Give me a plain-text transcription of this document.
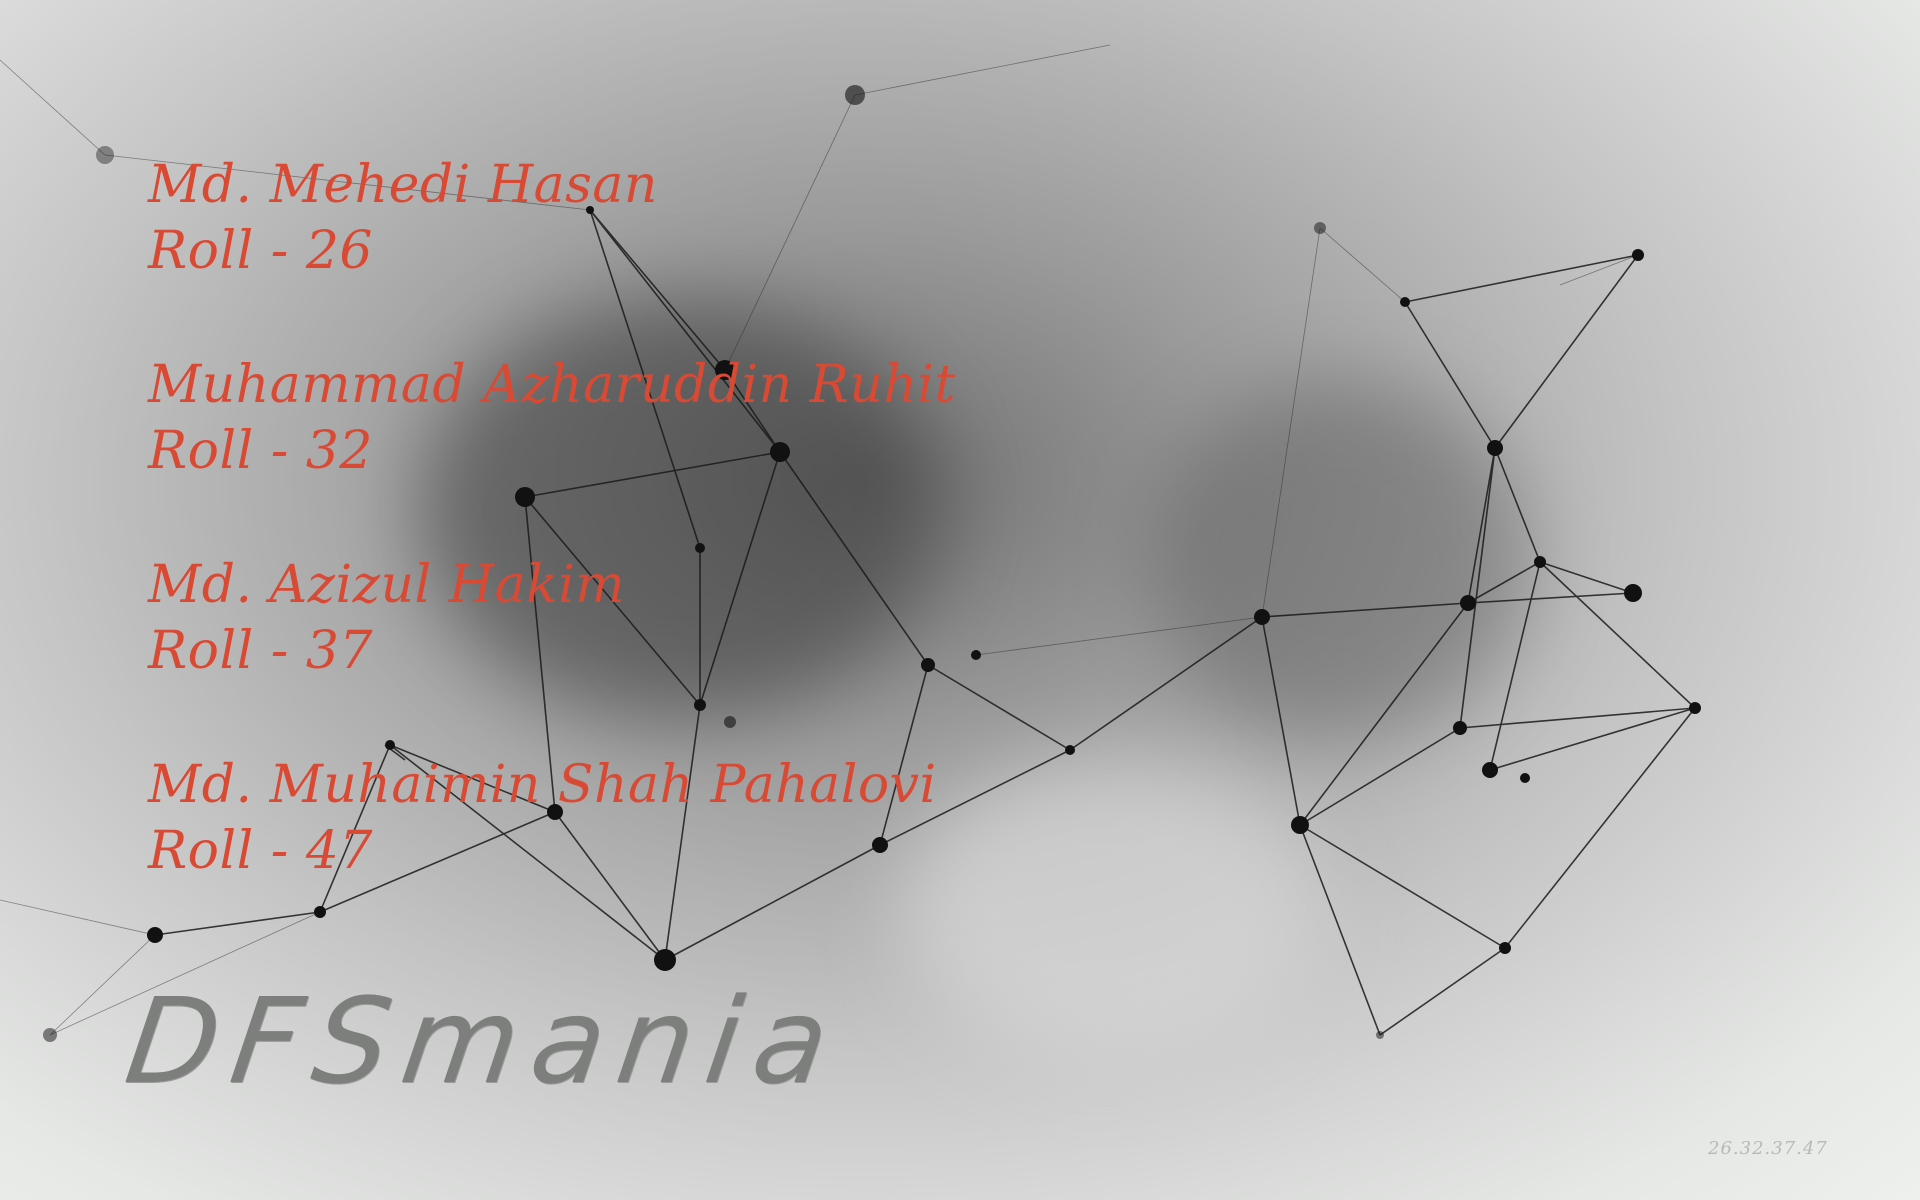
Md. Mehedi Hasan
Roll - 26
Muhammad Azharuddin Ruhit
Roll - 32
Md. Azizul Hakim
Roll - 37
Md. Muhaimin Shah Pahalovi
Roll - 47
DFSmania
26.32.37.47
